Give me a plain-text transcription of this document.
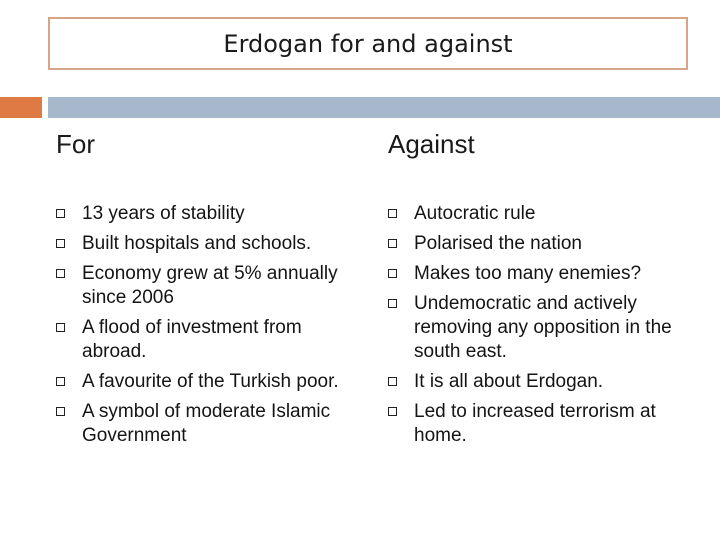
Erdogan for and against
For
13 years of stability
Built hospitals and schools.
Economy grew at 5% annually since 2006
A flood of investment from abroad.
A favourite of the Turkish poor.
A symbol of moderate Islamic Government
Against
Autocratic rule
Polarised the nation
Makes too many enemies?
Undemocratic and actively removing any opposition in the south east.
It is all about Erdogan.
Led to increased terrorism at home.
